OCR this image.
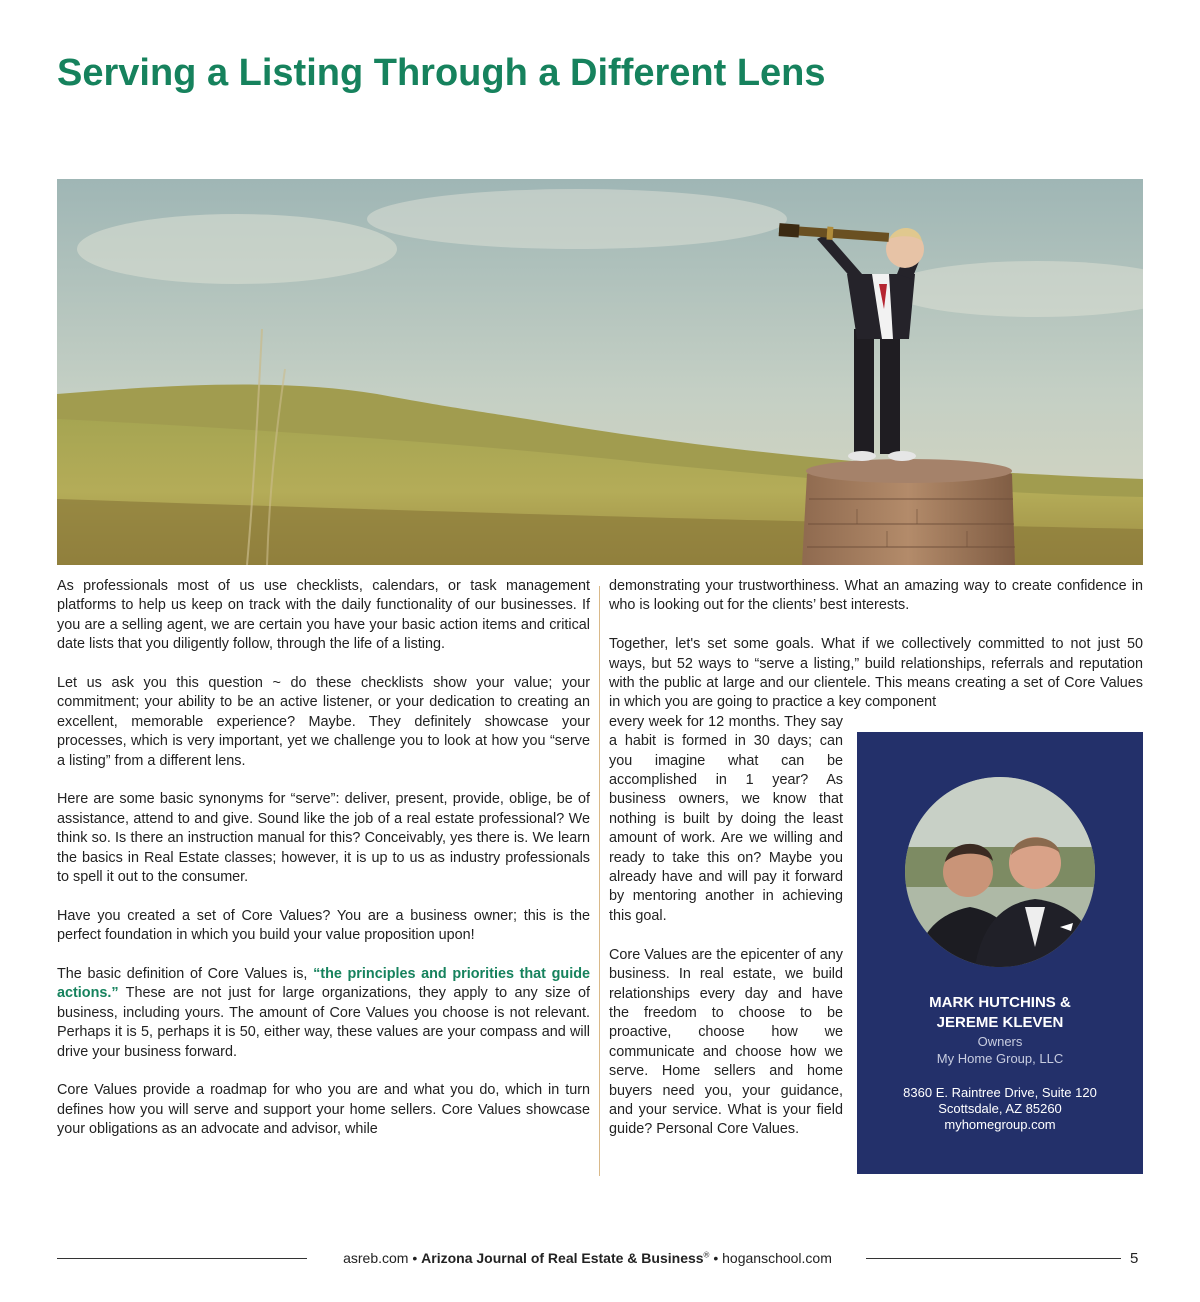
Serving a Listing Through a Different Lens

As professionals most of us use checklists, calendars, or task management platforms to help us keep on track with the daily functionality of our businesses. If you are a selling agent, we are certain you have your basic action items and critical date lists that you diligently follow, through the life of a listing.

Let us ask you this question ~ do these checklists show your value; your commitment; your ability to be an active listener, or your dedication to creating an excellent, memorable experience? Maybe. They definitely showcase your processes, which is very important, yet we challenge you to look at how you “serve a listing” from a different lens.

Here are some basic synonyms for “serve”: deliver, present, provide, oblige, be of assistance, attend to and give. Sound like the job of a real estate professional? We think so. Is there an instruction manual for this? Conceivably, yes there is. We learn the basics in Real Estate classes; however, it is up to us as industry professionals to spell it out to the consumer.

Have you created a set of Core Values? You are a business owner; this is the perfect foundation in which you build your value proposition upon!

The basic definition of Core Values is, “the principles and priorities that guide actions.” These are not just for large organizations, they apply to any size of business, including yours. The amount of Core Values you choose is not relevant. Perhaps it is 5, perhaps it is 50, either way, these values are your compass and will drive your business forward.

Core Values provide a roadmap for who you are and what you do, which in turn defines how you will serve and support your home sellers. Core Values showcase your obligations as an advocate and advisor, while

demonstrating your trustworthiness. What an amazing way to create confidence in who is looking out for the clients’ best interests.

Together, let's set some goals. What if we collectively committed to not just 50 ways, but 52 ways to “serve a listing,” build relationships, referrals and reputation with the public at large and our clientele. This means creating a set of Core Values in which you are going to practice a key component

every week for 12 months. They say a habit is formed in 30 days; can you imagine what can be accomplished in 1 year? As business owners, we know that nothing is built by doing the least amount of work. Are we willing and ready to take this on? Maybe you already have and will pay it forward by mentoring another in achieving this goal.

Core Values are the epicenter of any business. In real estate, we build relationships every day and have the freedom to choose to be proactive, choose how we communicate and choose how we serve. Home sellers and home buyers need you, your guidance, and your service. What is your field guide? Personal Core Values.

MARK HUTCHINS &
JEREME KLEVEN
Owners
My Home Group, LLC
8360 E. Raintree Drive, Suite 120
Scottsdale, AZ 85260
myhomegroup.com
asreb.com • Arizona Journal of Real Estate & Business® • hoganschool.com	5
